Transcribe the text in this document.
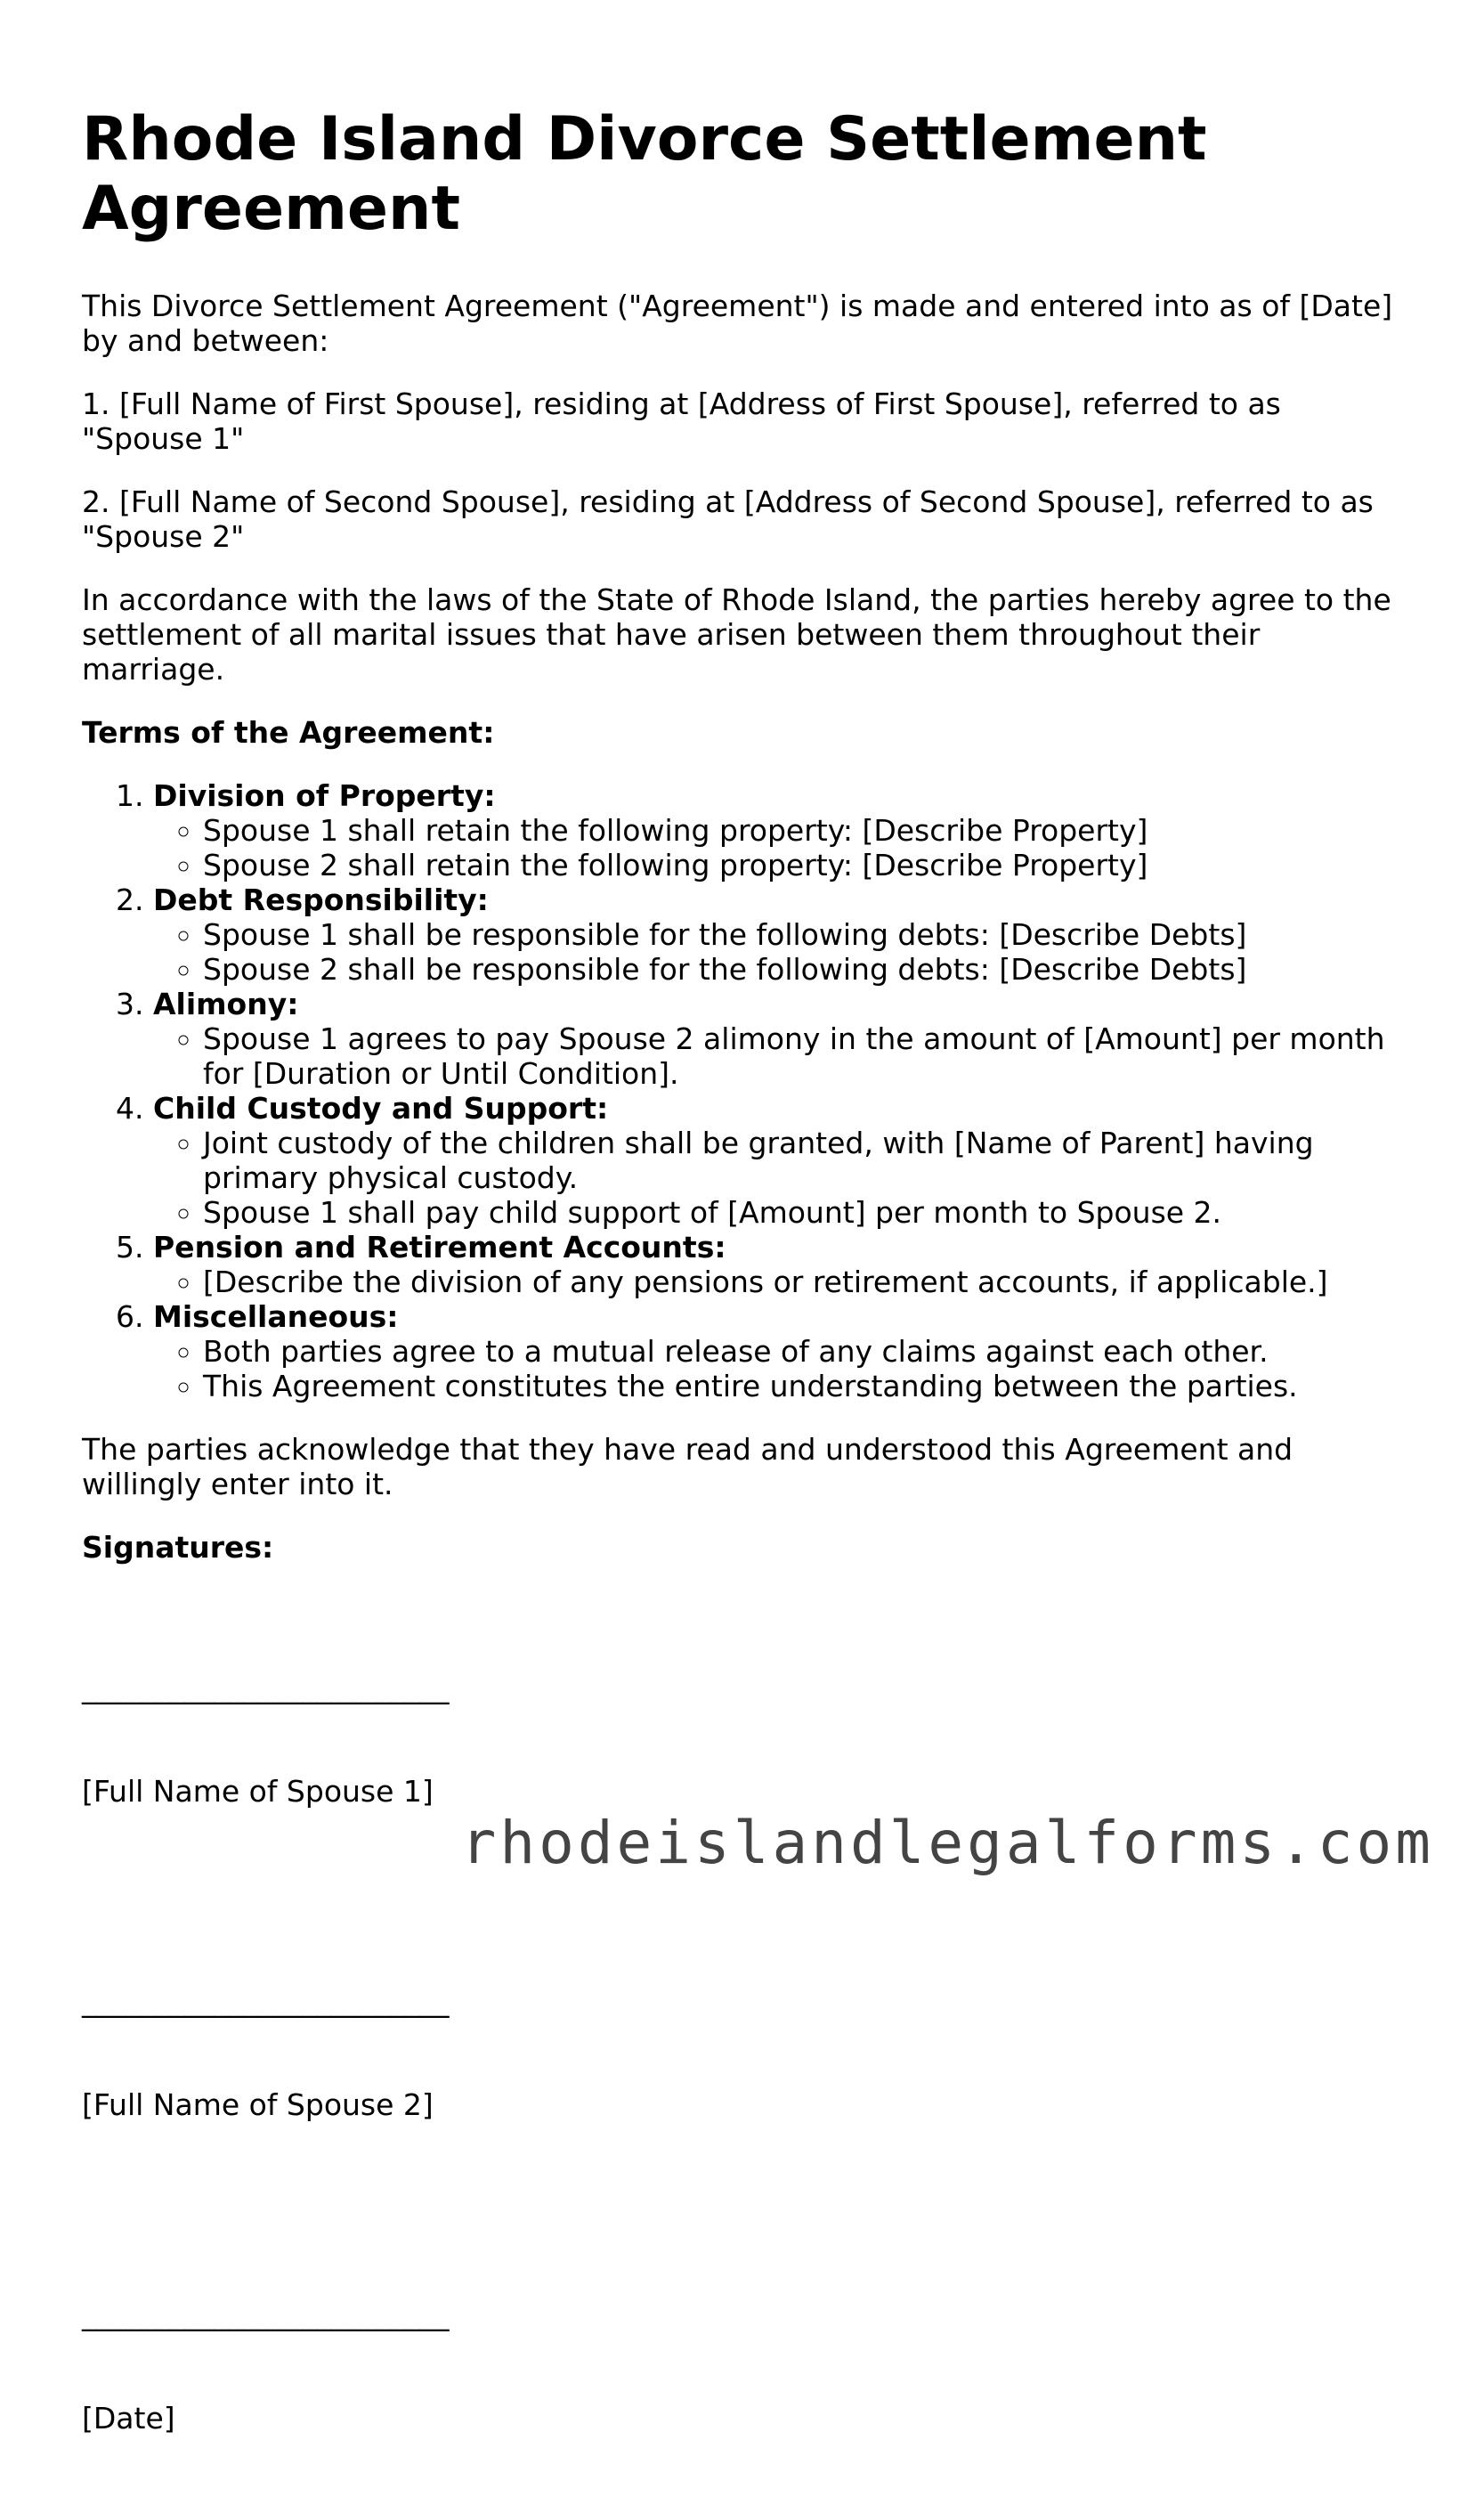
Rhode Island Divorce Settlement Agreement

This Divorce Settlement Agreement ("Agreement") is made and entered into as of [Date] by and between:

1. [Full Name of First Spouse], residing at [Address of First Spouse], referred to as "Spouse 1"

2. [Full Name of Second Spouse], residing at [Address of Second Spouse], referred to as "Spouse 2"

In accordance with the laws of the State of Rhode Island, the parties hereby agree to the settlement of all marital issues that have arisen between them throughout their marriage.

Terms of the Agreement:

1. Division of Property:
◦ Spouse 1 shall retain the following property: [Describe Property]
◦ Spouse 2 shall retain the following property: [Describe Property]
2. Debt Responsibility:
◦ Spouse 1 shall be responsible for the following debts: [Describe Debts]
◦ Spouse 2 shall be responsible for the following debts: [Describe Debts]
3. Alimony:
◦ Spouse 1 agrees to pay Spouse 2 alimony in the amount of [Amount] per month for [Duration or Until Condition].
4. Child Custody and Support:
◦ Joint custody of the children shall be granted, with [Name of Parent] having primary physical custody.
◦ Spouse 1 shall pay child support of [Amount] per month to Spouse 2.
5. Pension and Retirement Accounts:
◦ [Describe the division of any pensions or retirement accounts, if applicable.]
6. Miscellaneous:
◦ Both parties agree to a mutual release of any claims against each other.
◦ This Agreement constitutes the entire understanding between the parties.

The parties acknowledge that they have read and understood this Agreement and willingly enter into it.

Signatures:

_________________________

[Full Name of Spouse 1]

_________________________

[Full Name of Spouse 2]

_________________________

[Date]

rhodeislandlegalforms.com
